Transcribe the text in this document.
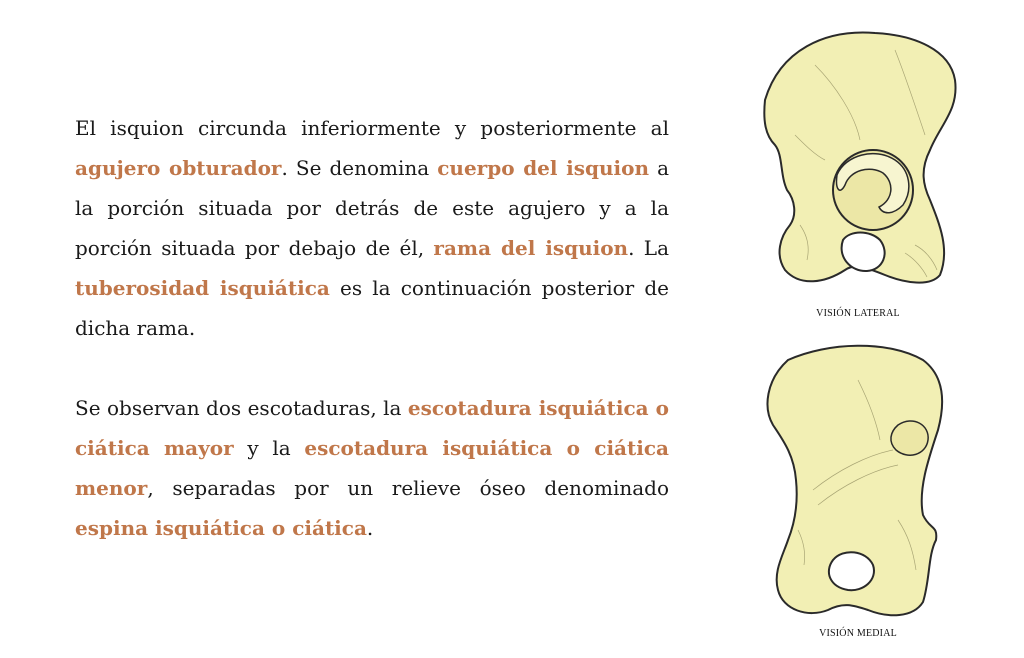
El isquion circunda inferiormente y posteriormente al agujero obturador. Se denomina cuerpo del isquion a la porción situada por detrás de este agujero y a la porción situada por debajo de él, rama del isquion. La tuberosidad isquiática es la continuación posterior de dicha rama.

Se observan dos escotaduras, la escotadura isquiática o ciática mayor y la escotadura isquiática o ciática menor, separadas por un relieve óseo denominado espina isquiática o ciática.

VISIÓN LATERAL
VISIÓN MEDIAL
